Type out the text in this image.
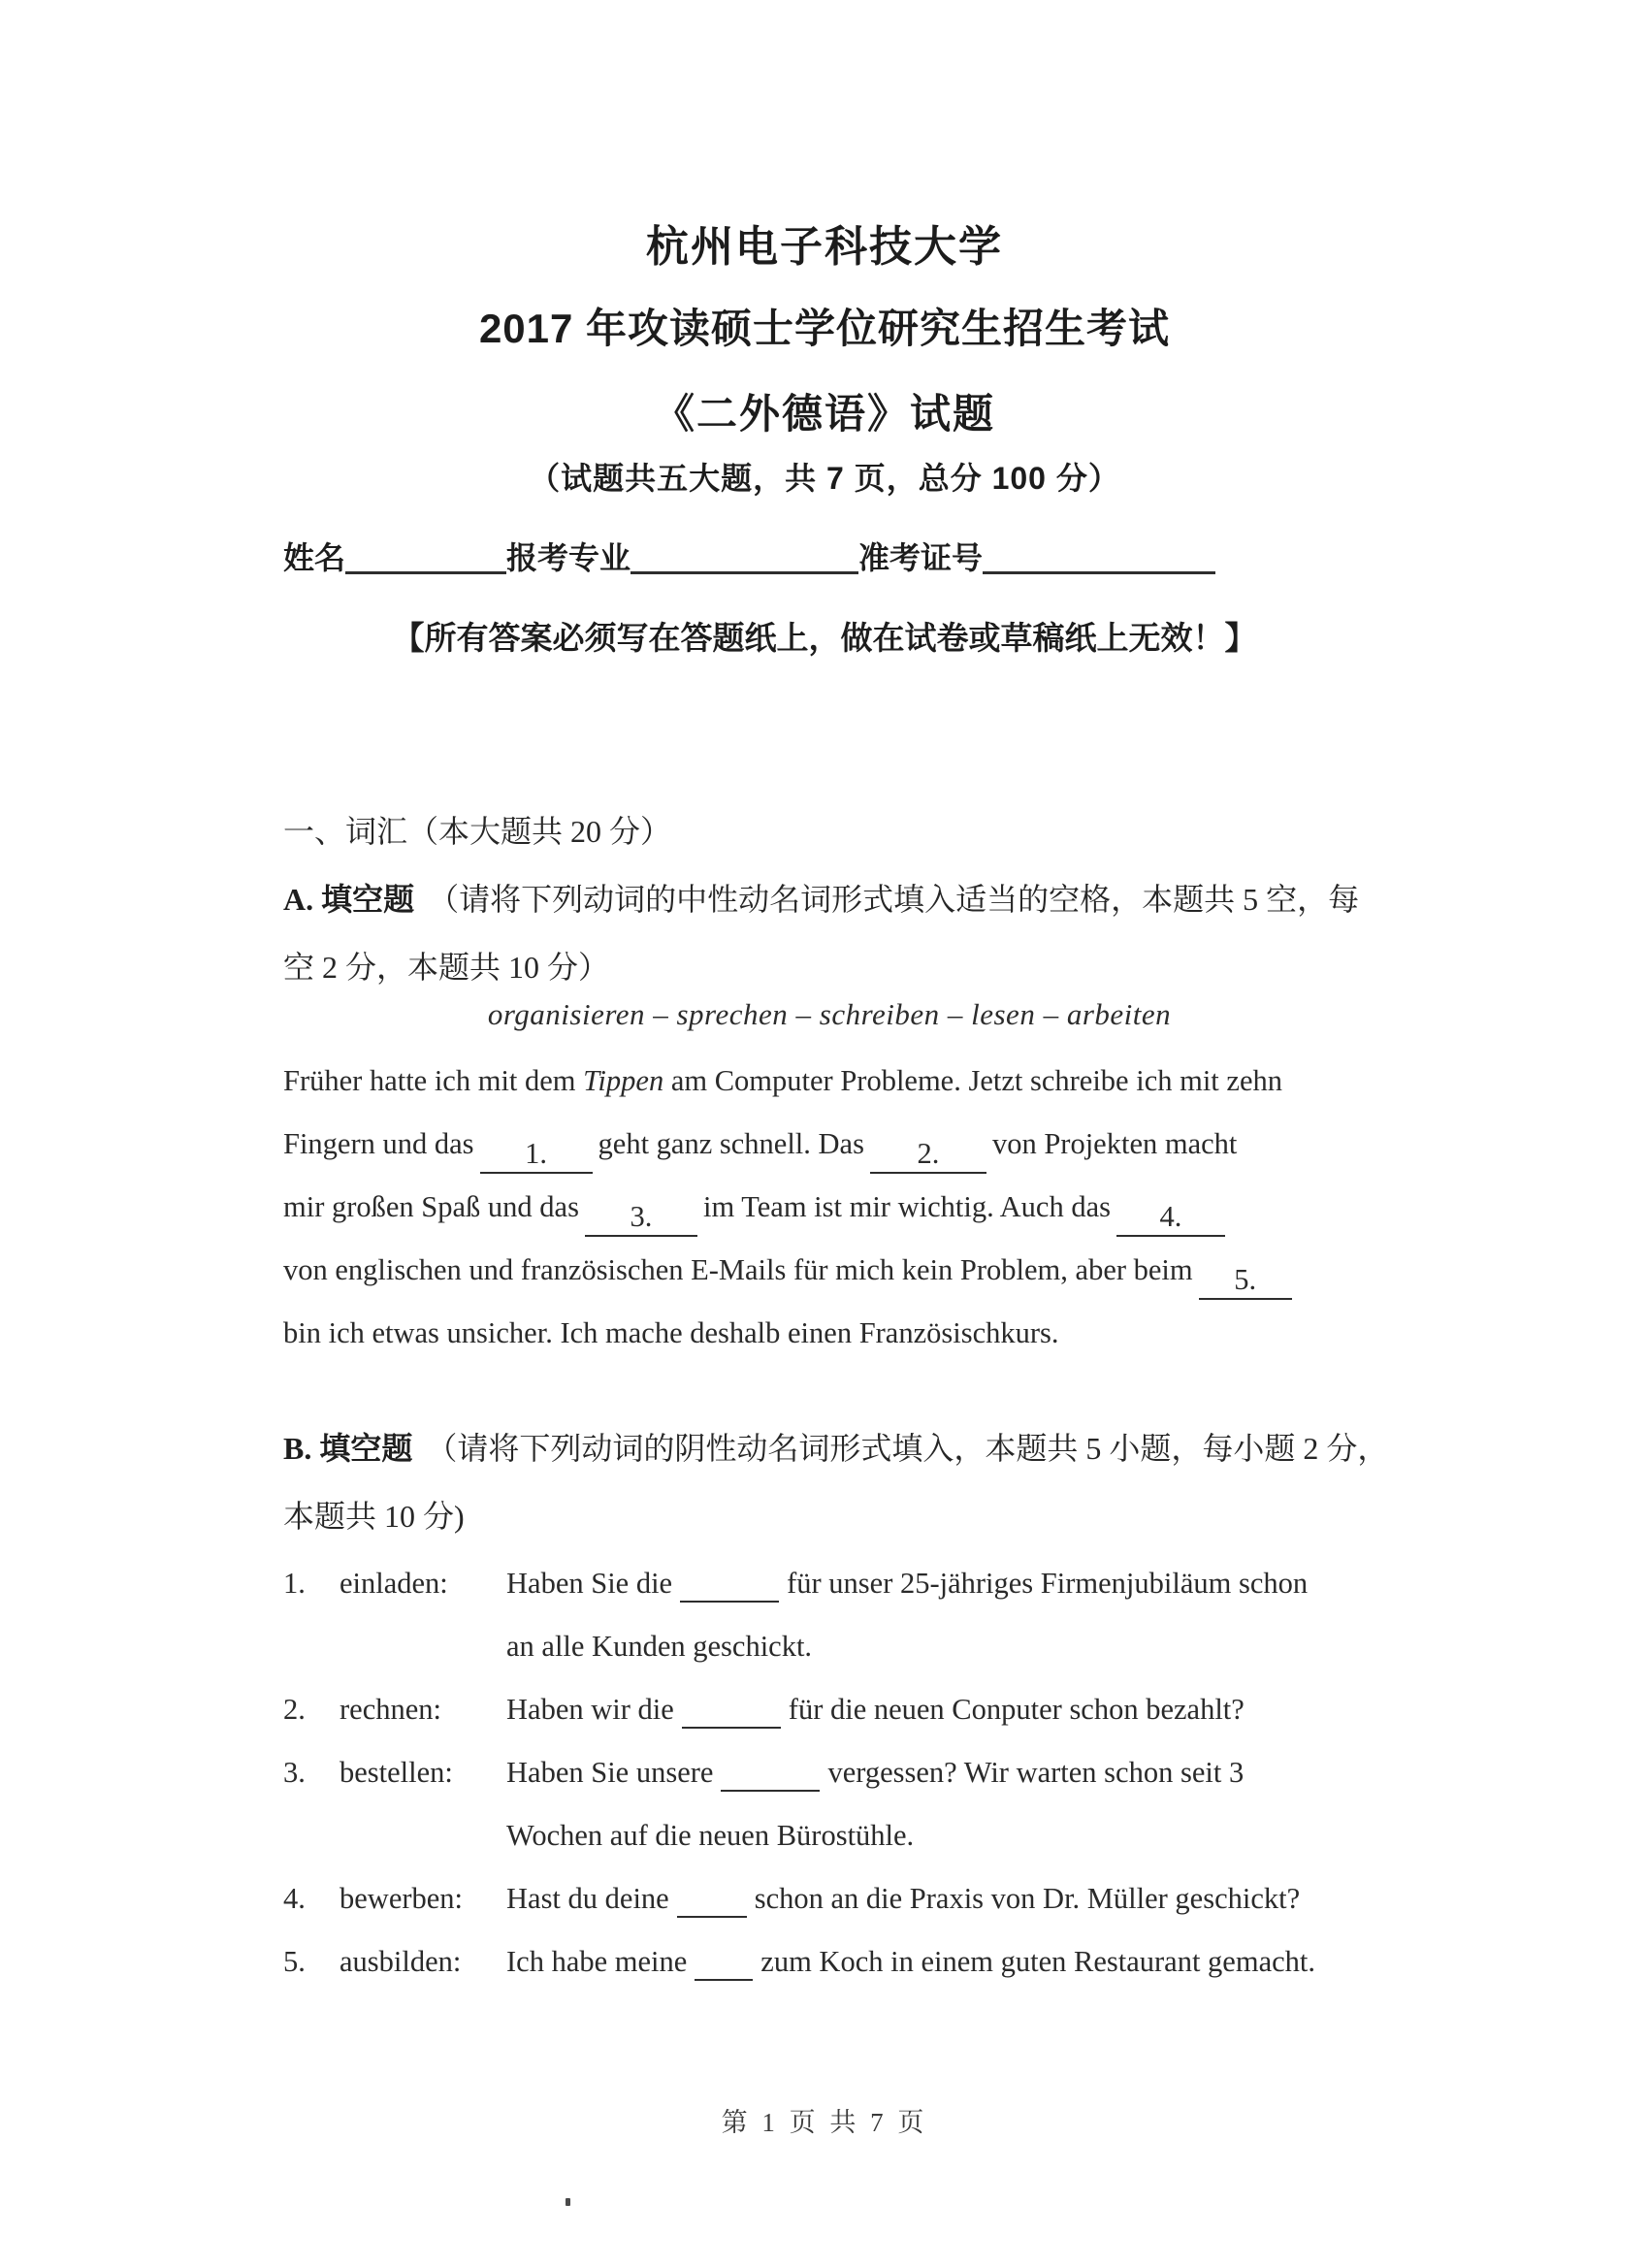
杭州电子科技大学
2017 年攻读硕士学位研究生招生考试
《二外德语》试题
（试题共五大题，共 7 页，总分 100 分）
姓名	报考专业	准考证号
【所有答案必须写在答题纸上，做在试卷或草稿纸上无效！】
一、词汇（本大题共 20 分）
A. 填空题 （请将下列动词的中性动名词形式填入适当的空格，本题共 5 空，每
空 2 分，本题共 10 分）
organisieren – sprechen – schreiben – lesen – arbeiten
Früher hatte ich mit dem Tippen am Computer Probleme. Jetzt schreibe ich mit zehn
Fingern und das 1. geht ganz schnell. Das 2. von Projekten macht
mir großen Spaß und das 3. im Team ist mir wichtig. Auch das 4.
von englischen und französischen E-Mails für mich kein Problem, aber beim 5.
bin ich etwas unsicher. Ich mache deshalb einen Französischkurs.
B. 填空题 （请将下列动词的阴性动名词形式填入，本题共 5 小题，每小题 2 分，
本题共 10 分)
1.	einladen:	Haben Sie die	für unser 25-jähriges Firmenjubiläum schon
an alle Kunden geschickt.
2.	rechnen:	Haben wir die	für die neuen Conputer schon bezahlt?
3.	bestellen:	Haben Sie unsere	vergessen? Wir warten schon seit 3
Wochen auf die neuen Bürostühle.
4.	bewerben:	Hast du deine	schon an die Praxis von Dr. Müller geschickt?
5.	ausbilden:	Ich habe meine zum Koch in einem guten Restaurant gemacht.
第 1 页 共 7 页
